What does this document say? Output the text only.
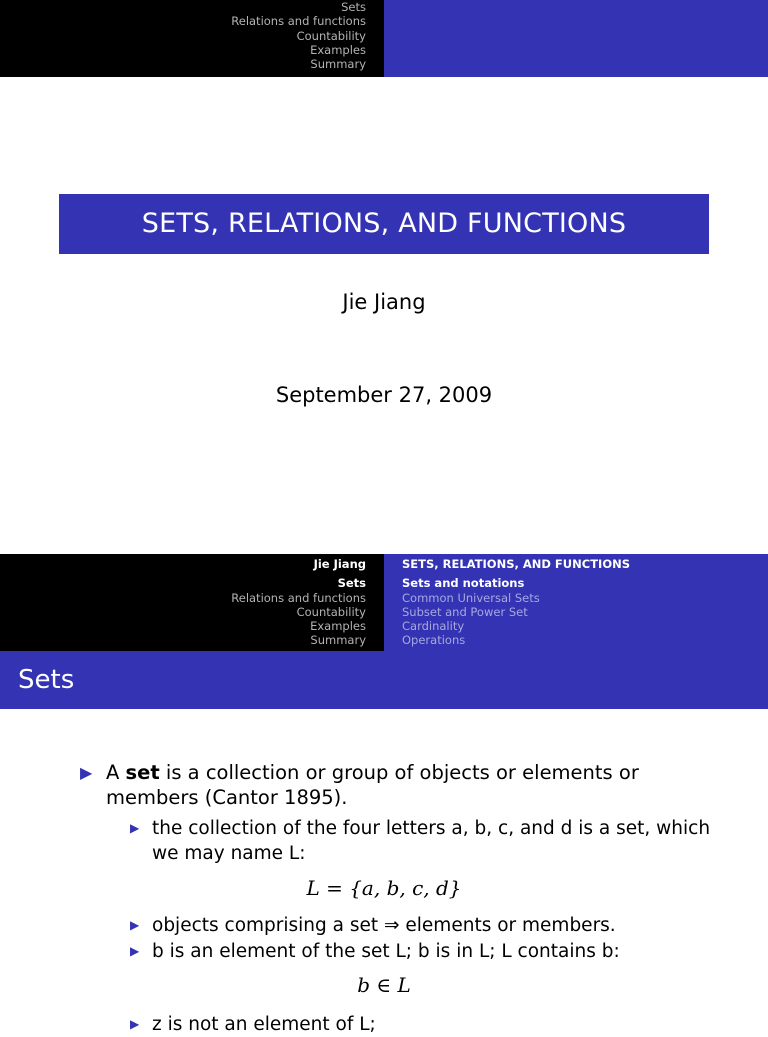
Sets
Relations and functions
Countability
Examples
Summary
SETS, RELATIONS, AND FUNCTIONS
Jie Jiang
September 27, 2009
Jie Jiang
Sets
Relations and functions
Countability
Examples
Summary
SETS, RELATIONS, AND FUNCTIONS
Sets and notations
Common Universal Sets
Subset and Power Set
Cardinality
Operations
Sets
▶ A set is a collection or group of objects or elements or members (Cantor 1895).
▶ the collection of the four letters a, b, c, and d is a set, which we may name L:
L = {a, b, c, d}
▶ objects comprising a set ⇒ elements or members.
▶ b is an element of the set L; b is in L; L contains b:
b ∈ L
▶ z is not an element of L;
